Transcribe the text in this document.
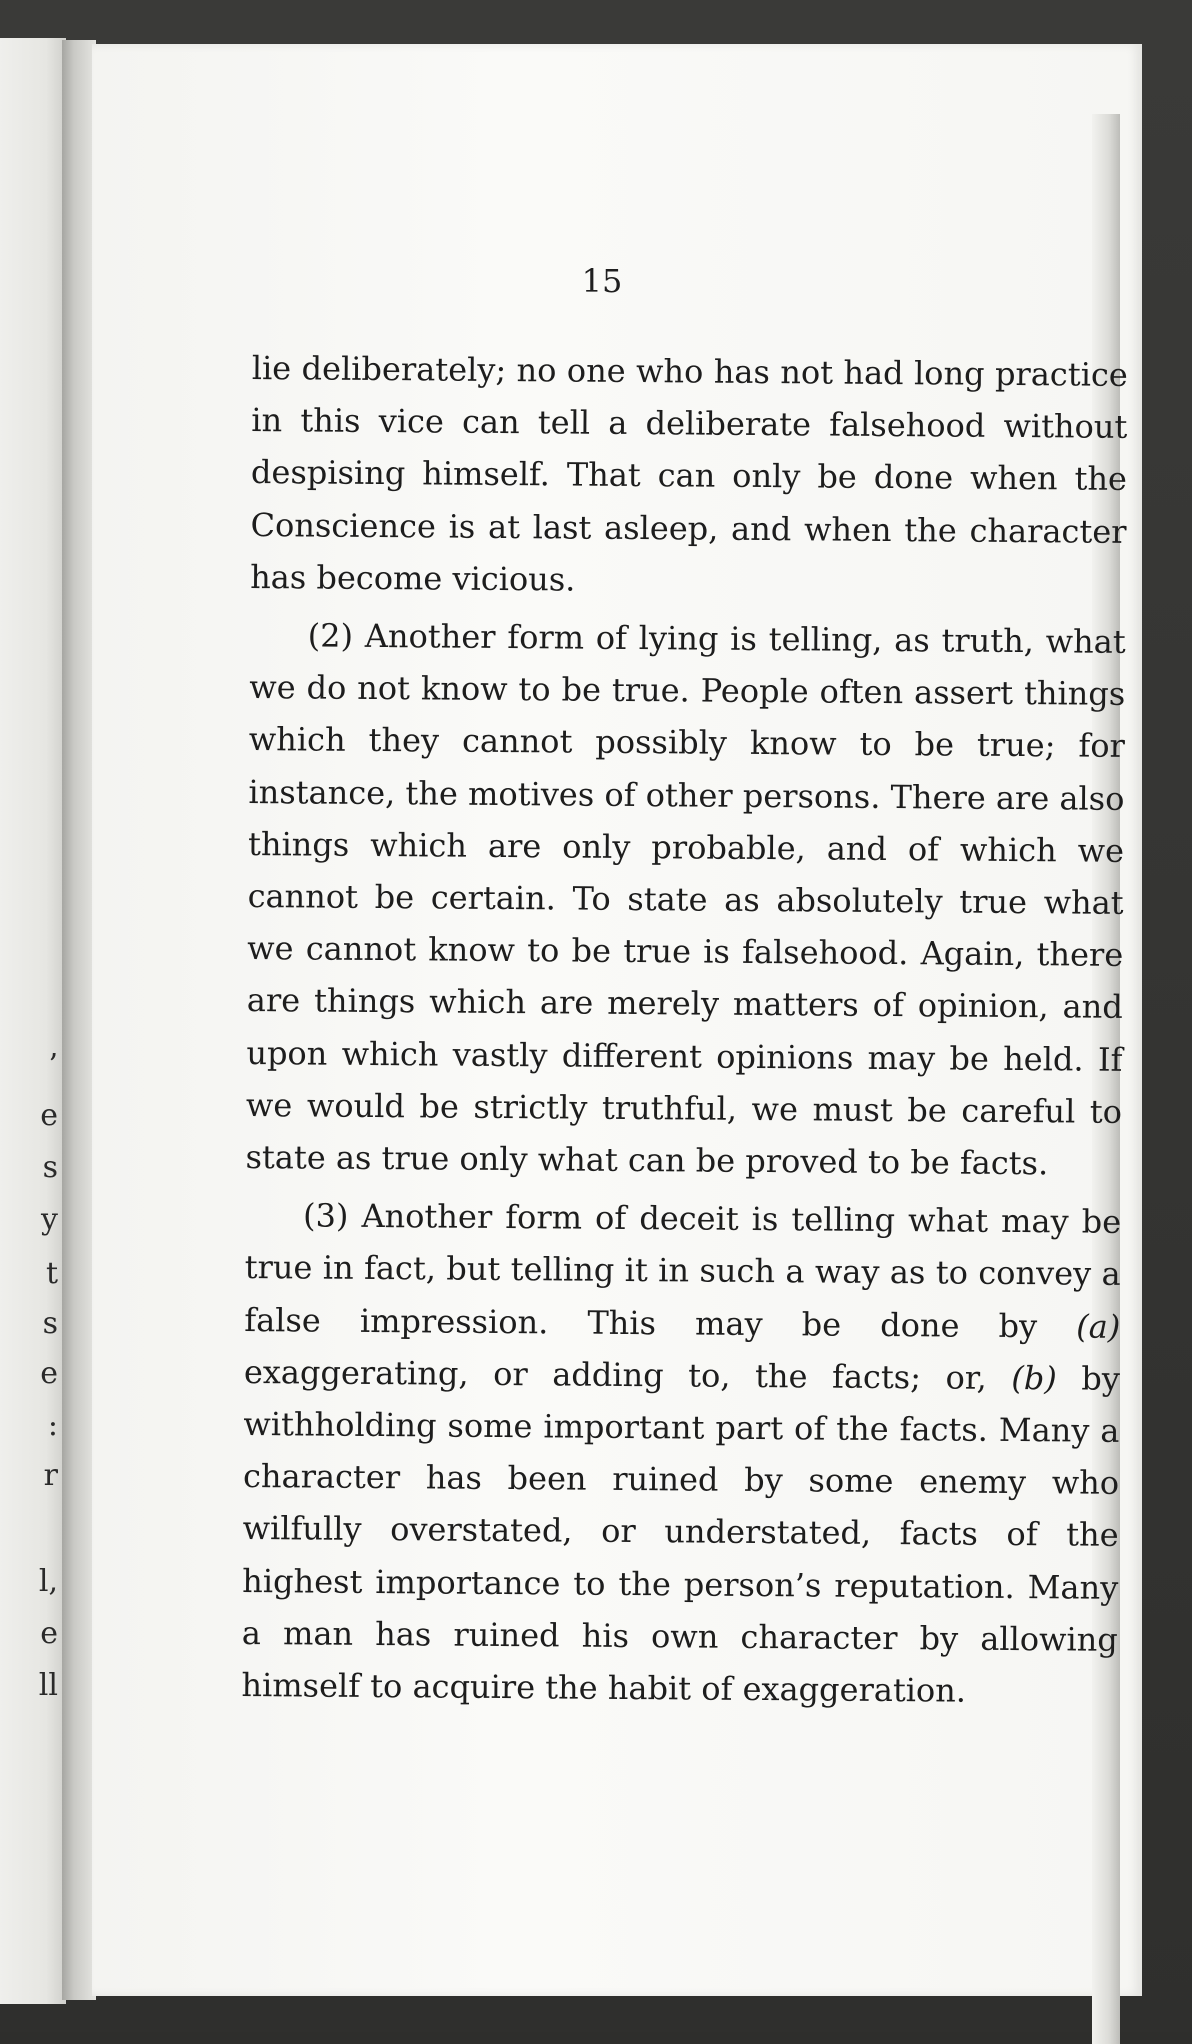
’
e
s
y
t
s
e
:
r
l,
e
ll
15

lie deliberately; no one who has not had long practice in this vice can tell a deliberate falsehood without despising himself. That can only be done when the Conscience is at last asleep, and when the character has become vicious.

(2) Another form of lying is telling, as truth, what we do not know to be true. People often assert things which they cannot possibly know to be true; for instance, the motives of other persons. There are also things which are only probable, and of which we cannot be certain. To state as absolutely true what we cannot know to be true is falsehood. Again, there are things which are merely matters of opinion, and upon which vastly different opinions may be held. If we would be strictly truthful, we must be careful to state as true only what can be proved to be facts.

(3) Another form of deceit is telling what may be true in fact, but telling it in such a way as to convey a false impression. This may be done by (a) exaggerating, or adding to, the facts; or, (b) by withholding some important part of the facts. Many a character has been ruined by some enemy who wilfully overstated, or understated, facts of the highest importance to the person’s reputation. Many a man has ruined his own character by allowing himself to acquire the habit of exaggeration.
